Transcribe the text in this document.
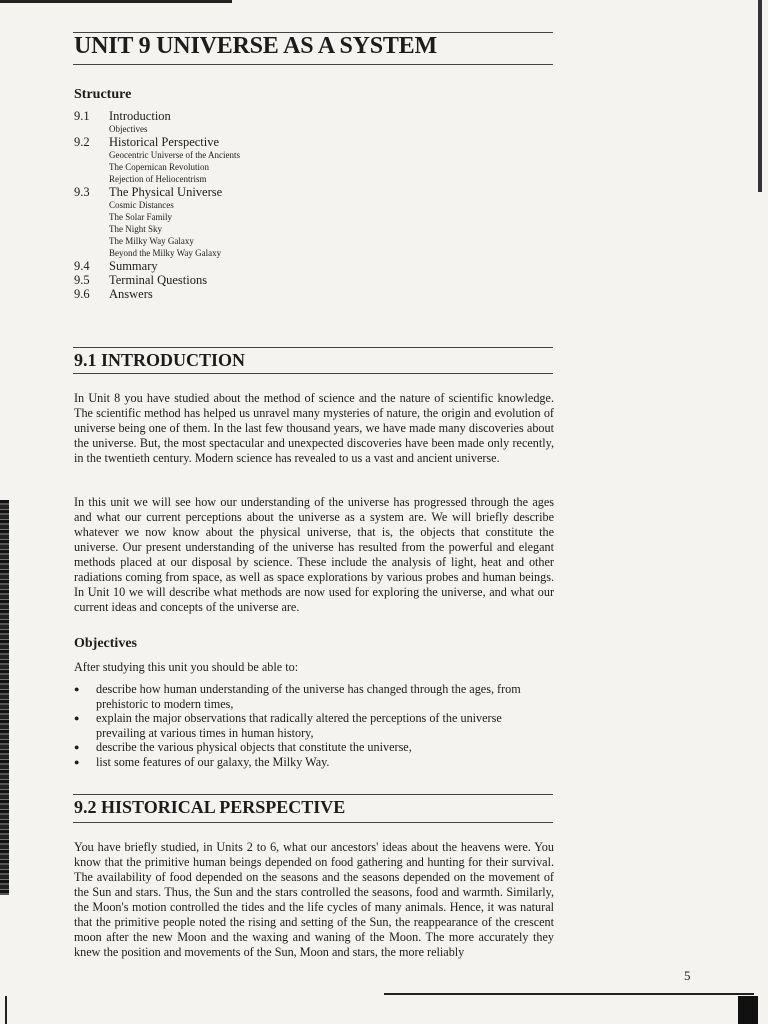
UNIT 9 UNIVERSE AS A SYSTEM
Structure
9.1	Introduction
Objectives
9.2	Historical Perspective
Geocentric Universe of the Ancients
The Copernican Revolution
Rejection of Heliocentrism
9.3	The Physical Universe
Cosmic Distances
The Solar Family
The Night Sky
The Milky Way Galaxy
Beyond the Milky Way Galaxy
9.4	Summary
9.5	Terminal Questions
9.6	Answers
9.1 INTRODUCTION

In Unit 8 you have studied about the method of science and the nature of scientific knowledge. The scientific method has helped us unravel many mysteries of nature, the origin and evolution of universe being one of them. In the last few thousand years, we have made many discoveries about the universe. But, the most spectacular and unexpected discoveries have been made only recently, in the twentieth century. Modern science has revealed to us a vast and ancient universe.

In this unit we will see how our understanding of the universe has progressed through the ages and what our current perceptions about the universe as a system are. We will briefly describe whatever we now know about the physical universe, that is, the objects that constitute the universe. Our present understanding of the universe has resulted from the powerful and elegant methods placed at our disposal by science. These include the analysis of light, heat and other radiations coming from space, as well as space explorations by various probes and human beings. In Unit 10 we will describe what methods are now used for exploring the universe, and what our current ideas and concepts of the universe are.

Objectives

After studying this unit you should be able to:

● describe how human understanding of the universe has changed through the ages, from prehistoric to modern times,
● explain the major observations that radically altered the perceptions of the universe prevailing at various times in human history,
● describe the various physical objects that constitute the universe,
● list some features of our galaxy, the Milky Way.
9.2 HISTORICAL PERSPECTIVE

You have briefly studied, in Units 2 to 6, what our ancestors' ideas about the heavens were. You know that the primitive human beings depended on food gathering and hunting for their survival. The availability of food depended on the seasons and the seasons depended on the movement of the Sun and stars. Thus, the Sun and the stars controlled the seasons, food and warmth. Similarly, the Moon's motion controlled the tides and the life cycles of many animals. Hence, it was natural that the primitive people noted the rising and setting of the Sun, the reappearance of the crescent moon after the new Moon and the waxing and waning of the Moon. The more accurately they knew the position and movements of the Sun, Moon and stars, the more reliably

5
